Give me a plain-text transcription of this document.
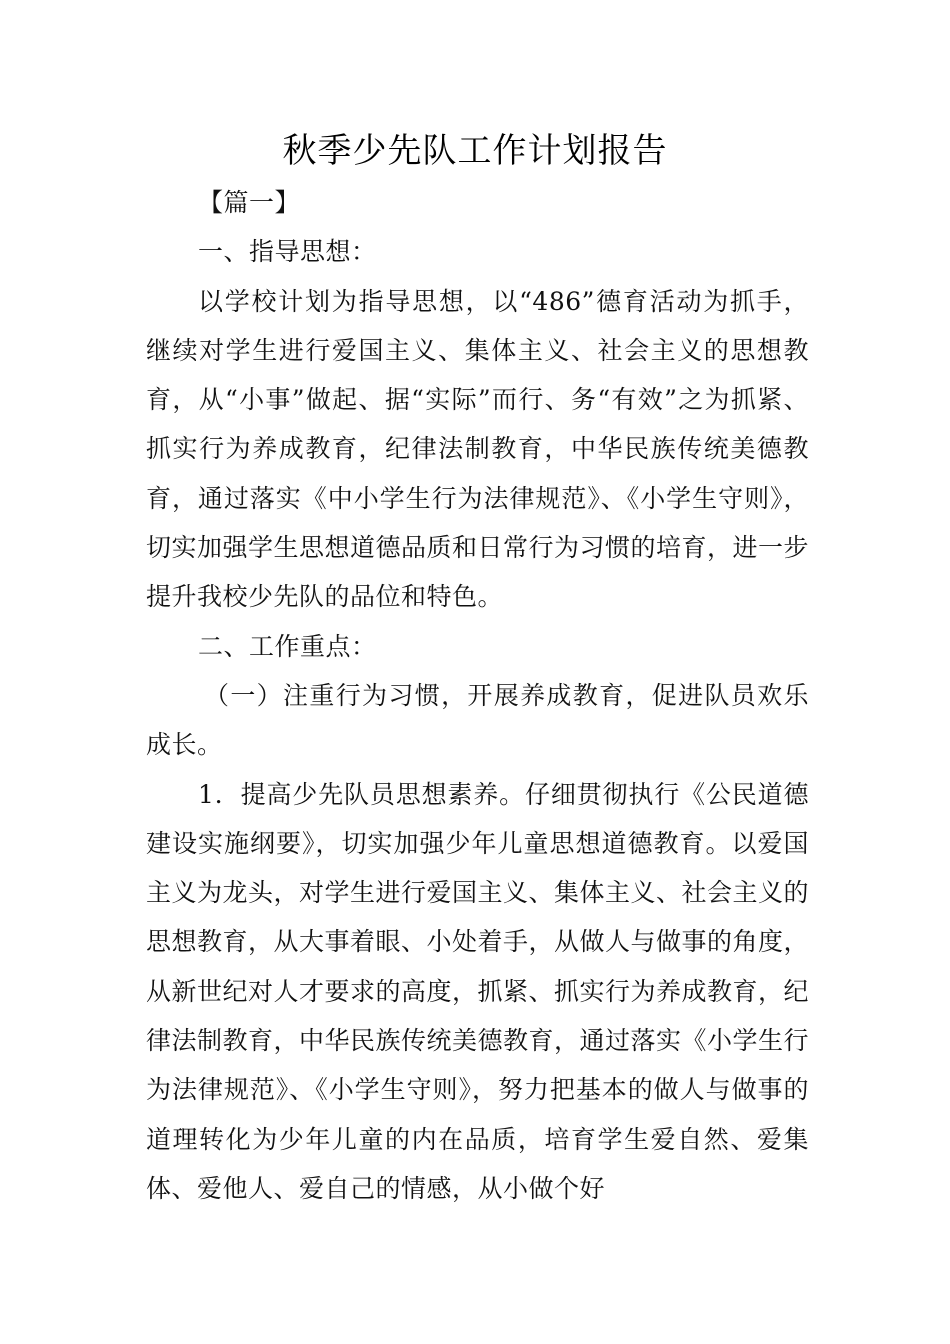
秋季少先队工作计划报告

【篇一】

一、指导思想：

以学校计划为指导思想，以“486”德育活动为抓手，继续对学生进行爱国主义、集体主义、社会主义的思想教育，从“小事”做起、据“实际”而行、务“有效”之为抓紧、抓实行为养成教育，纪律法制教育，中华民族传统美德教育，通过落实《中小学生行为法律规范》、《小学生守则》，切实加强学生思想道德品质和日常行为习惯的培育，进一步提升我校少先队的品位和特色。

二、工作重点：

（一）注重行为习惯，开展养成教育，促进队员欢乐成长。

1．提高少先队员思想素养。仔细贯彻执行《公民道德建设实施纲要》，切实加强少年儿童思想道德教育。以爱国主义为龙头，对学生进行爱国主义、集体主义、社会主义的思想教育，从大事着眼、小处着手，从做人与做事的角度，从新世纪对人才要求的高度，抓紧、抓实行为养成教育，纪律法制教育，中华民族传统美德教育，通过落实《小学生行为法律规范》、《小学生守则》，努力把基本的做人与做事的道理转化为少年儿童的内在品质，培育学生爱自然、爱集体、爱他人、爱自己的情感，从小做个好
